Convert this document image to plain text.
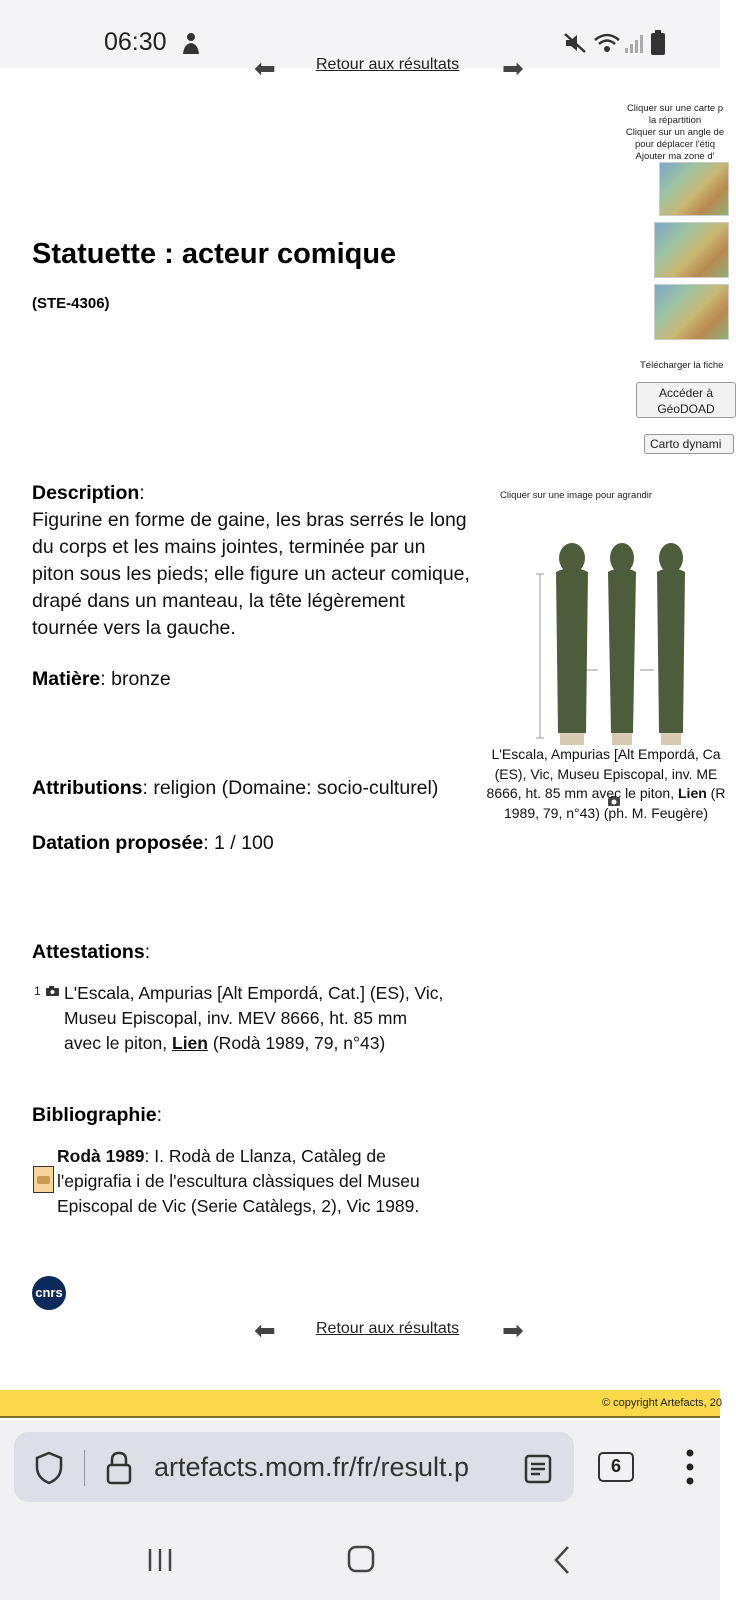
06:30
⬅	Retour aux résultats ➡
Cliquer sur une carte p
la répartition
Cliquer sur un angle de
pour déplacer l'étiq
Ajouter ma zone d'
Télécharger la fiche
Accéder à
GéoDOAD
Carto dynami
Statuette : acteur comique
(STE-4306)
Description:
Figurine en forme de gaine, les bras serrés le long du corps et les mains jointes, terminée par un piton sous les pieds; elle figure un acteur comique, drapé dans un manteau, la tête légèrement tournée vers la gauche.
Cliquer sur une image pour agrandir
L'Escala, Ampurias [Alt Empordá, Ca
(ES), Vic, Museu Episcopal, inv. ME
8666, ht. 85 mm avec le piton, Lien (R
1989, 79, n°43) (ph. M. Feugère)
Matière: bronze
Attributions: religion (Domaine: socio-culturel)
Datation proposée: 1 / 100
Attestations:
1 L'Escala, Ampurias [Alt Empordá, Cat.] (ES), Vic,
Museu Episcopal, inv. MEV 8666, ht. 85 mm
avec le piton, Lien (Rodà 1989, 79, n°43)
Bibliographie:
Rodà 1989: I. Rodà de Llanza, Catàleg de
l'epigrafia i de l'escultura clàssiques del Museu
Episcopal de Vic (Serie Catàlegs, 2), Vic 1989.
cnrs
⬅	Retour aux résultats ➡
© copyright Artefacts, 20
artefacts.mom.fr/fr/result.p	6
